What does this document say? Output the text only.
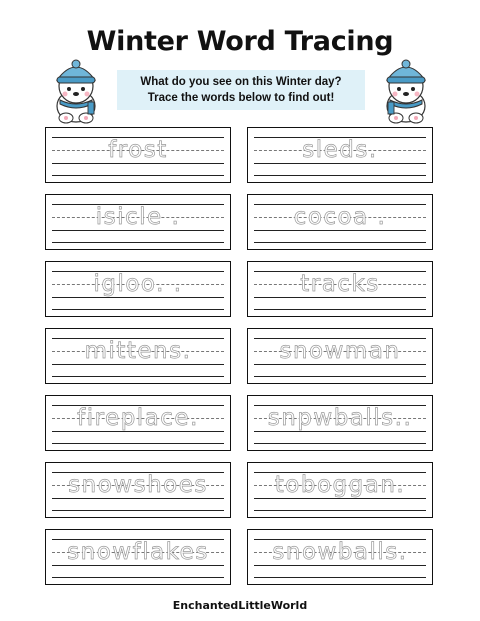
Winter Word Tracing
What do you see on this Winter day?
Trace the words below to find out!
frost
isicle .
igloo. .
mittens.
fireplace.
snowshoes
snowflakes
sleds.
cocoa .
tracks
snowman
snpwballs..
toboggan.
snowballs.
EnchantedLittleWorld
